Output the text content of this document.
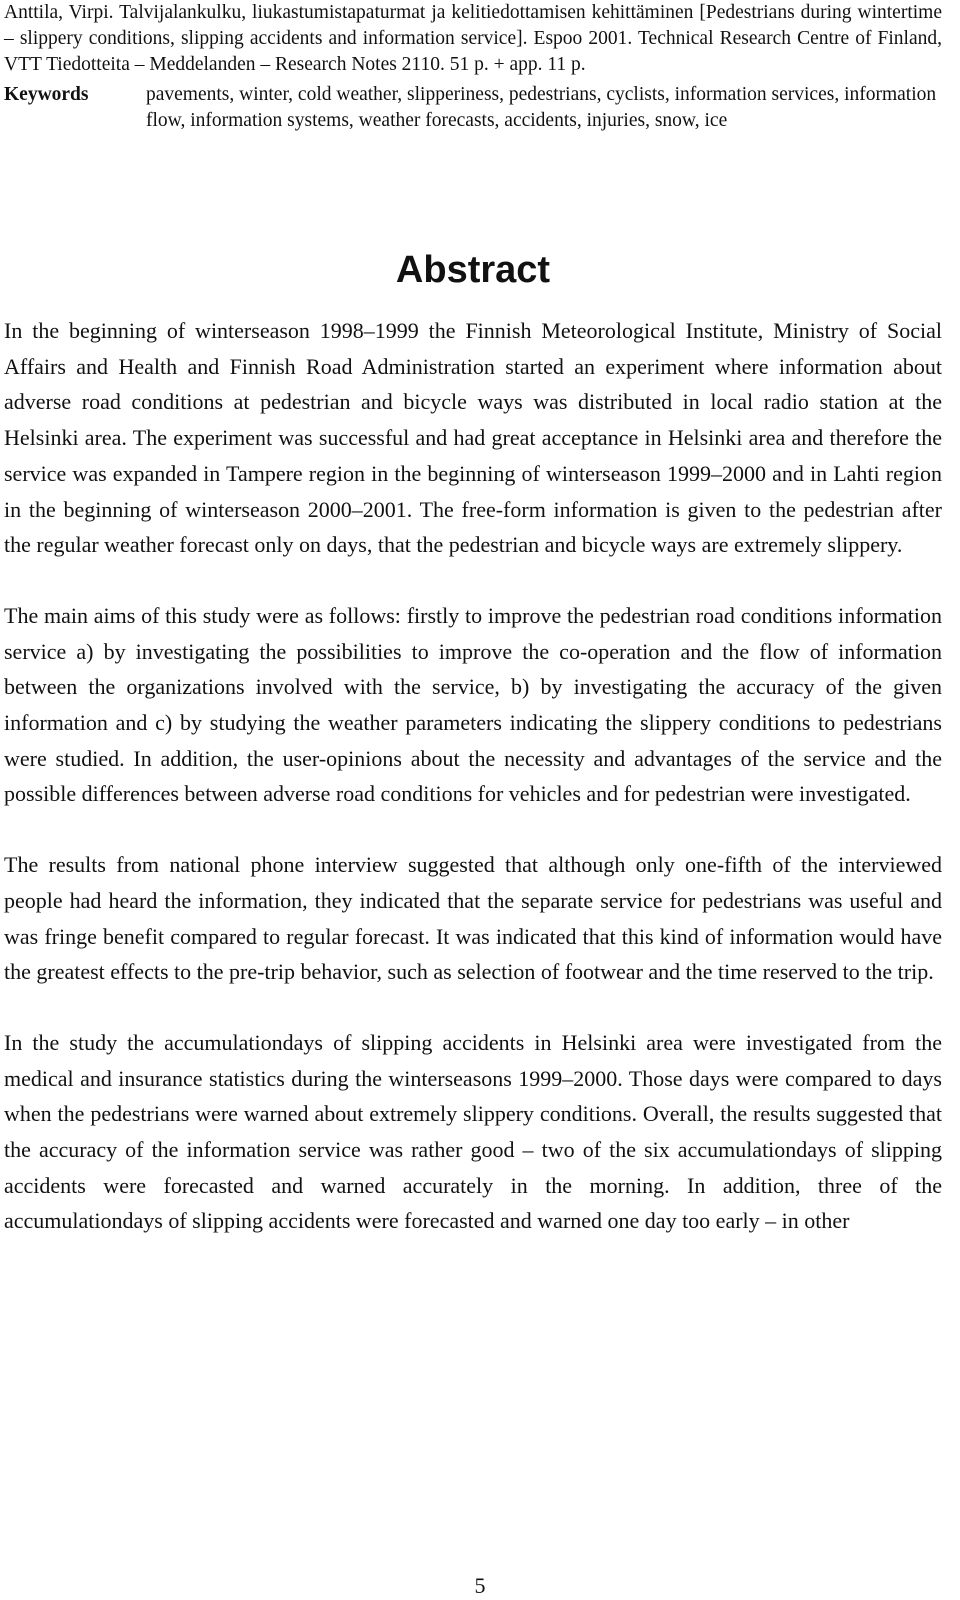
Anttila, Virpi. Talvijalankulku, liukastumistapaturmat ja kelitiedottamisen kehittäminen [Pedestrians during wintertime – slippery conditions, slipping accidents and information service]. Espoo 2001. Technical Research Centre of Finland, VTT Tiedotteita – Meddelanden – Research Notes 2110. 51 p. + app. 11 p.

Keywords	pavements, winter, cold weather, slipperiness, pedestrians, cyclists, information services, information flow, information systems, weather forecasts, accidents, injuries, snow, ice
Abstract

In the beginning of winterseason 1998–1999 the Finnish Meteorological Institute, Ministry of Social Affairs and Health and Finnish Road Administration started an experiment where information about adverse road conditions at pedestrian and bicycle ways was distributed in local radio station at the Helsinki area. The experiment was successful and had great acceptance in Helsinki area and therefore the service was expanded in Tampere region in the beginning of winterseason 1999–2000 and in Lahti region in the beginning of winterseason 2000–2001. The free-form information is given to the pedestrian after the regular weather forecast only on days, that the pedestrian and bicycle ways are extremely slippery.

The main aims of this study were as follows: firstly to improve the pedestrian road conditions information service a) by investigating the possibilities to improve the co-operation and the flow of information between the organizations involved with the service, b) by investigating the accuracy of the given information and c) by studying the weather parameters indicating the slippery conditions to pedestrians were studied. In addition, the user-opinions about the necessity and advantages of the service and the possible differences between adverse road conditions for vehicles and for pedestrian were investigated.

The results from national phone interview suggested that although only one-fifth of the interviewed people had heard the information, they indicated that the separate service for pedestrians was useful and was fringe benefit compared to regular forecast. It was indicated that this kind of information would have the greatest effects to the pre-trip behavior, such as selection of footwear and the time reserved to the trip.

In the study the accumulationdays of slipping accidents in Helsinki area were investigated from the medical and insurance statistics during the winterseasons 1999–2000. Those days were compared to days when the pedestrians were warned about extremely slippery conditions. Overall, the results suggested that the accuracy of the information service was rather good – two of the six accumulationdays of slipping accidents were forecasted and warned accurately in the morning. In addition, three of the accumulationdays of slipping accidents were forecasted and warned one day too early – in other

5
